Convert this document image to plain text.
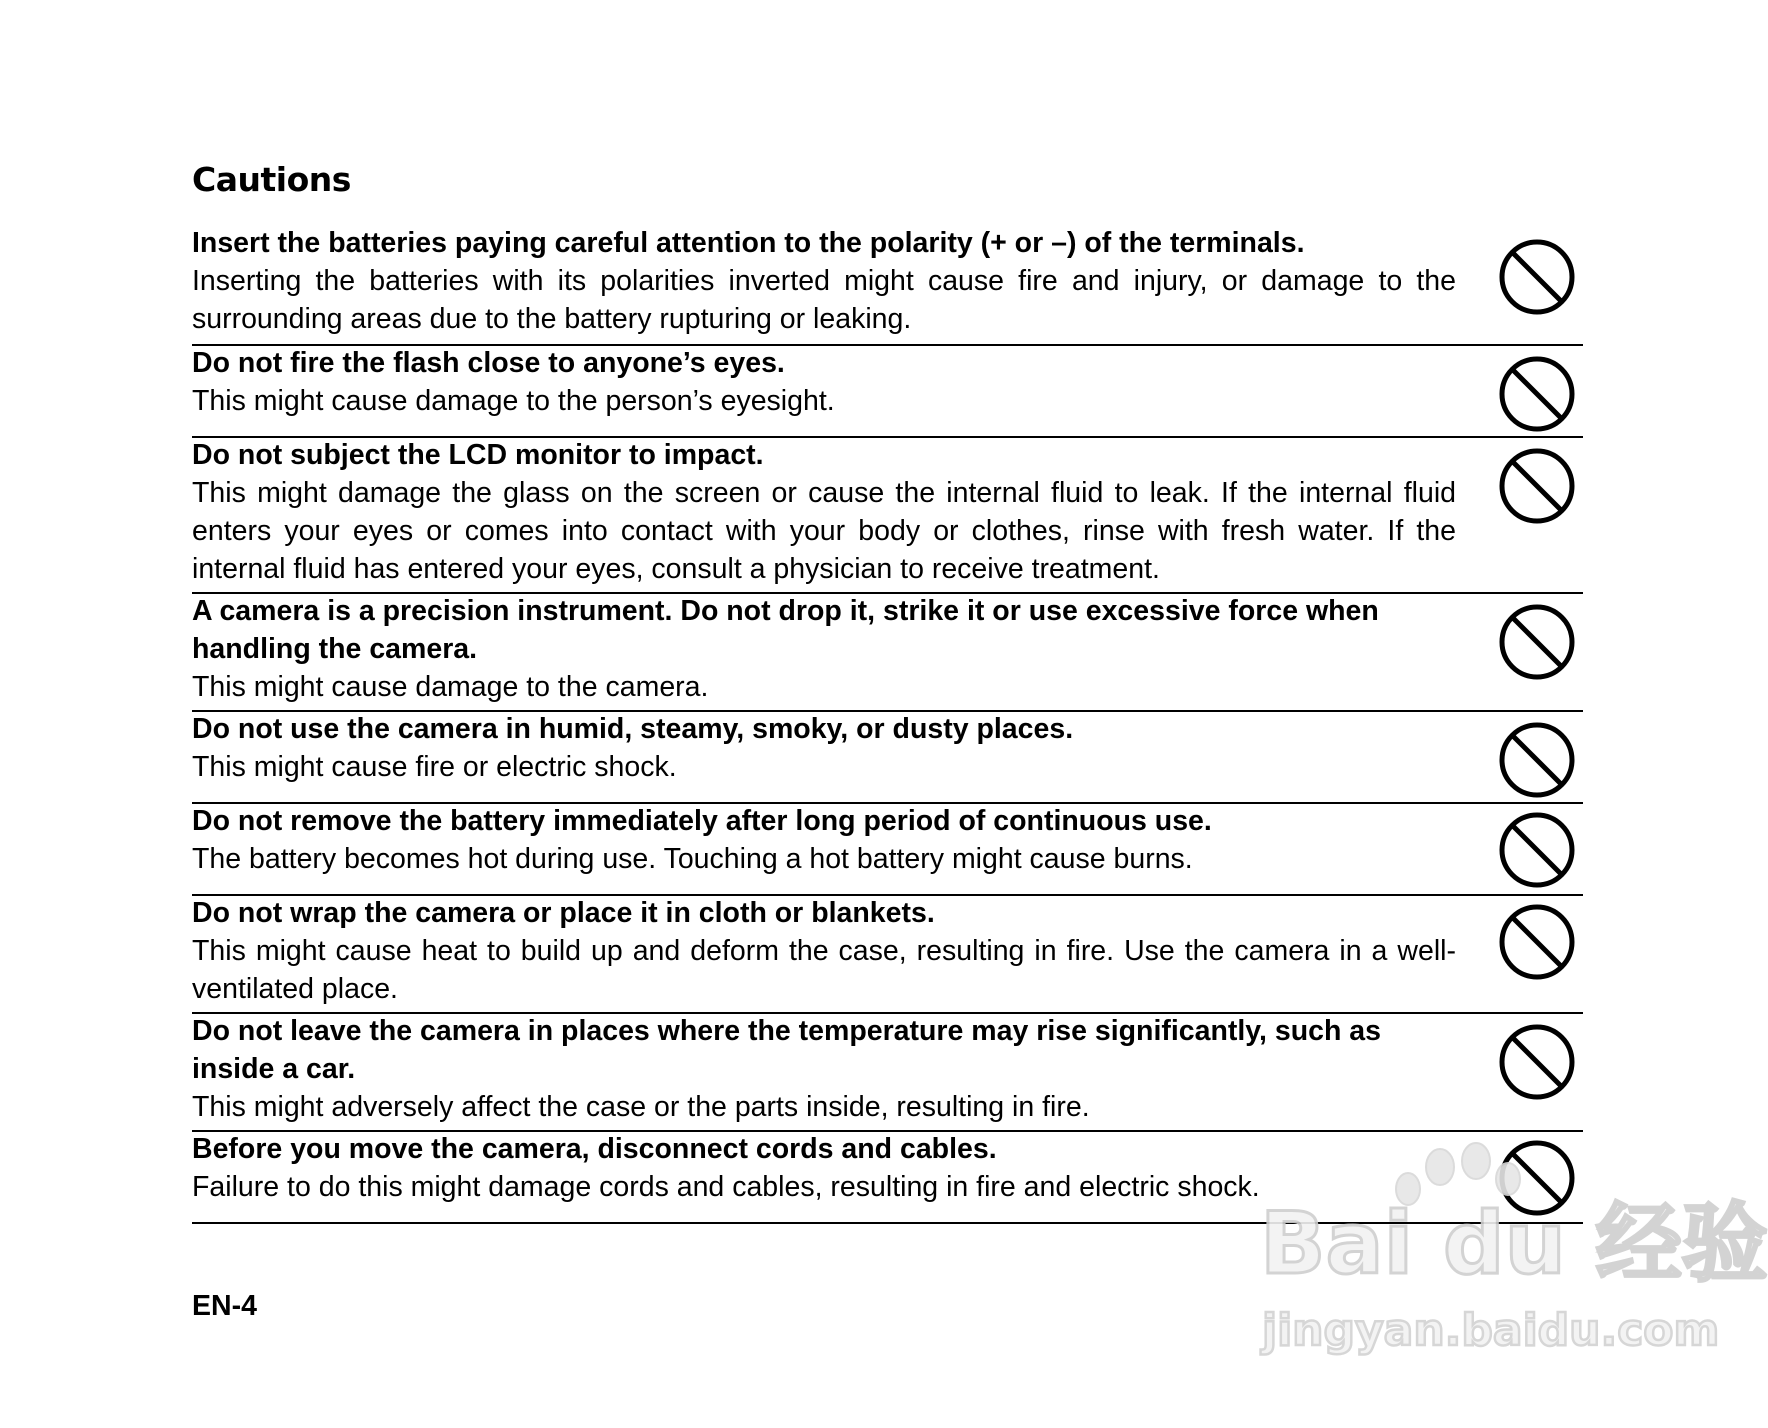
Cautions

Insert the batteries paying careful attention to the polarity (+ or –) of the terminals.

Inserting the batteries with its polarities inverted might cause fire and injury, or damage to the surrounding areas due to the battery rupturing or leaking.

Do not fire the flash close to anyone’s eyes.

This might cause damage to the person’s eyesight.

Do not subject the LCD monitor to impact.

This might damage the glass on the screen or cause the internal fluid to leak. If the internal fluid enters your eyes or comes into contact with your body or clothes, rinse with fresh water. If the internal fluid has entered your eyes, consult a physician to receive treatment.

A camera is a precision instrument. Do not drop it, strike it or use excessive force when handling the camera.

This might cause damage to the camera.

Do not use the camera in humid, steamy, smoky, or dusty places.

This might cause fire or electric shock.

Do not remove the battery immediately after long period of continuous use.

The battery becomes hot during use. Touching a hot battery might cause burns.

Do not wrap the camera or place it in cloth or blankets.

This might cause heat to build up and deform the case, resulting in fire. Use the camera in a well-ventilated place.

Do not leave the camera in places where the temperature may rise significantly, such as inside a car.

This might adversely affect the case or the parts inside, resulting in fire.

Before you move the camera, disconnect cords and cables.

Failure to do this might damage cords and cables, resulting in fire and electric shock.

EN-4

Bai du 经验
jingyan.baidu.com
